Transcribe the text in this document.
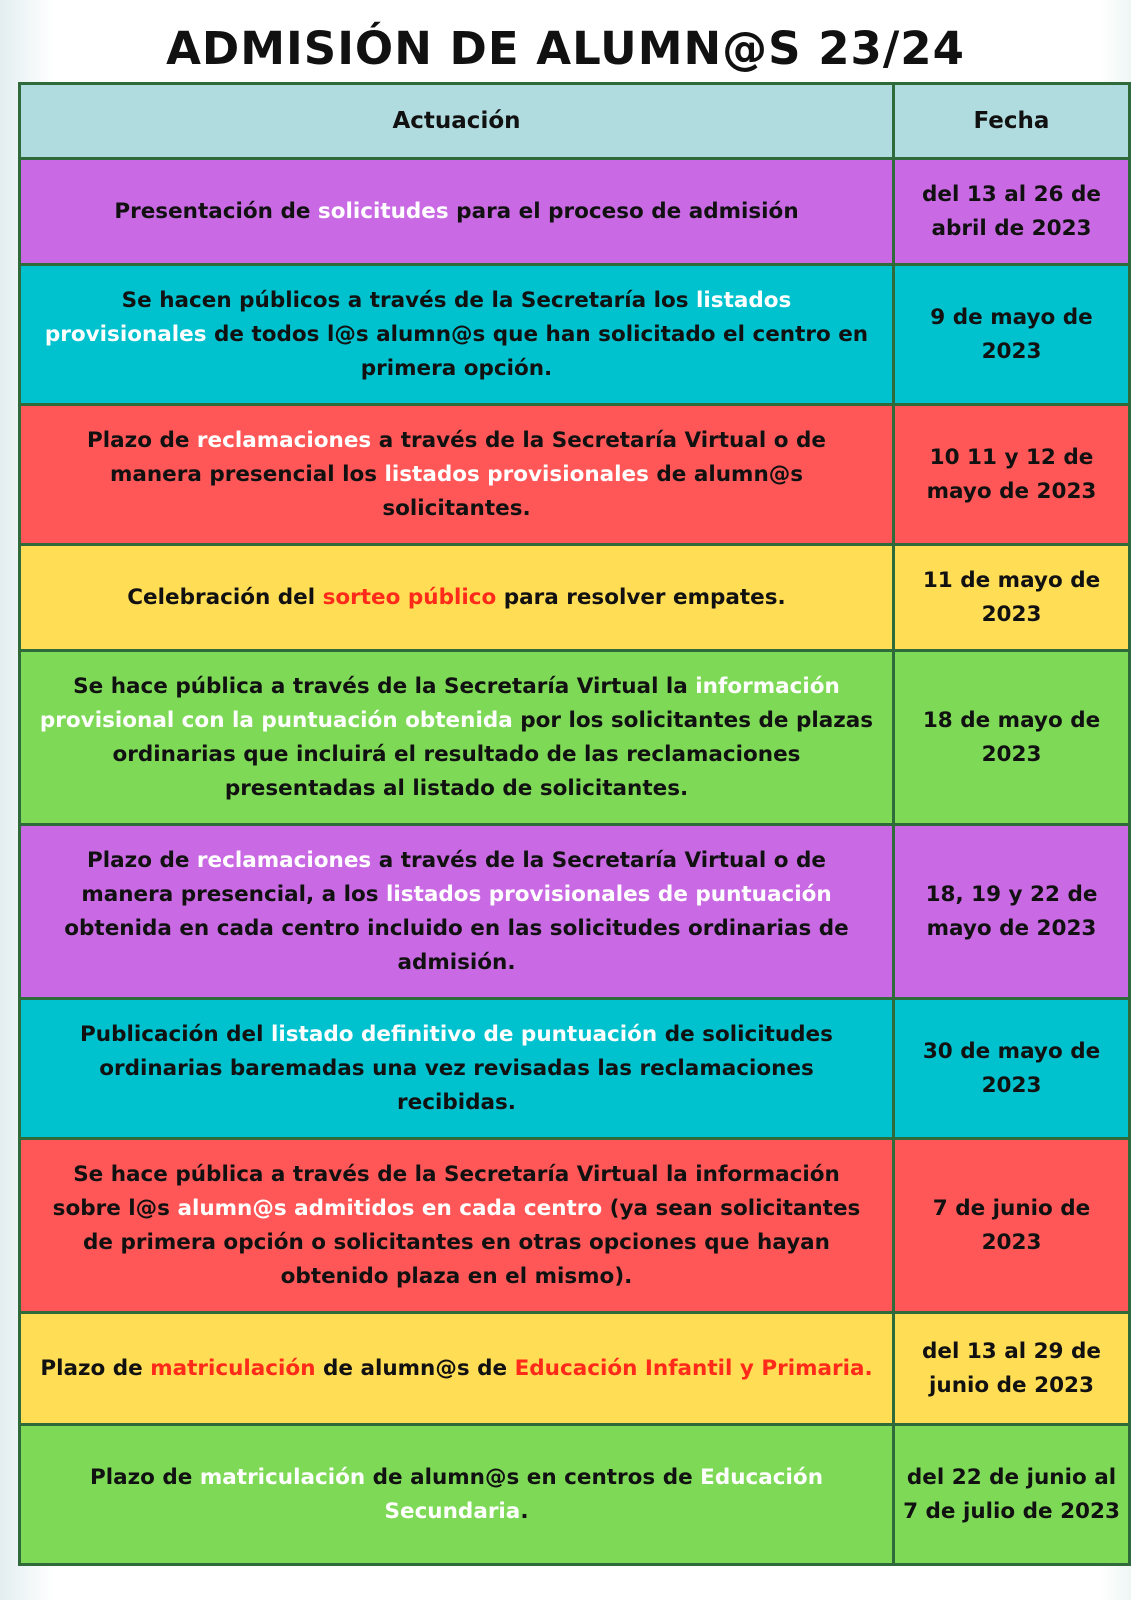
ADMISIÓN DE ALUMN@S 23/24
Actuación	Fecha
Presentación de solicitudes para el proceso de admisión	del 13 al 26 de abril de 2023
Se hacen públicos a través de la Secretaría los listados provisionales de todos l@s alumn@s que han solicitado el centro en primera opción.	9 de mayo de 2023
Plazo de reclamaciones a través de la Secretaría Virtual o de manera presencial los listados provisionales de alumn@s solicitantes.	10 11 y 12 de mayo de 2023
Celebración del sorteo público para resolver empates.	11 de mayo de 2023
Se hace pública a través de la Secretaría Virtual la información provisional con la puntuación obtenida por los solicitantes de plazas ordinarias que incluirá el resultado de las reclamaciones presentadas al listado de solicitantes.	18 de mayo de 2023
Plazo de reclamaciones a través de la Secretaría Virtual o de manera presencial, a los listados provisionales de puntuación obtenida en cada centro incluido en las solicitudes ordinarias de admisión.	18, 19 y 22 de mayo de 2023
Publicación del listado definitivo de puntuación de solicitudes ordinarias baremadas una vez revisadas las reclamaciones recibidas.	30 de mayo de 2023
Se hace pública a través de la Secretaría Virtual la información sobre l@s alumn@s admitidos en cada centro (ya sean solicitantes de primera opción o solicitantes en otras opciones que hayan obtenido plaza en el mismo).	7 de junio de 2023
Plazo de matriculación de alumn@s de Educación Infantil y Primaria.	del 13 al 29 de junio de 2023
Plazo de matriculación de alumn@s en centros de Educación Secundaria.	del 22 de junio al 7 de julio de 2023
